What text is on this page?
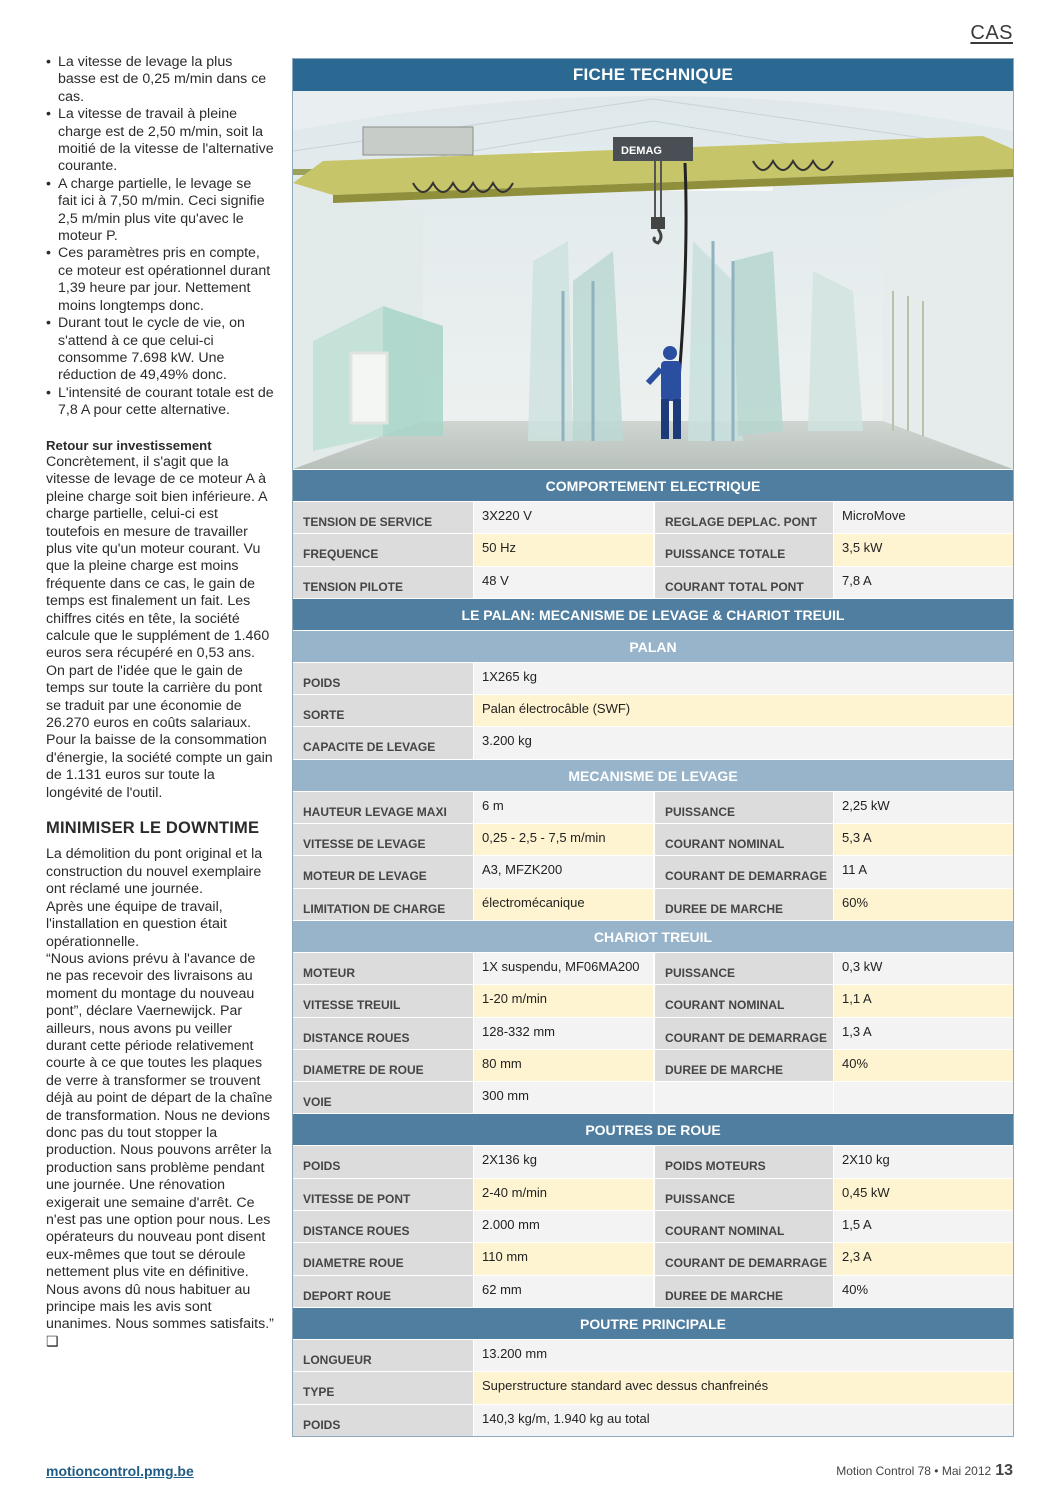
CAS
• La vitesse de levage la plus basse est de 0,25 m/min dans ce cas.
• La vitesse de travail à pleine charge est de 2,50 m/min, soit la moitié de la vitesse de l'alternative courante.
• A charge partielle, le levage se fait ici à 7,50 m/min. Ceci signifie 2,5 m/min plus vite qu'avec le moteur P.
• Ces paramètres pris en compte, ce moteur est opérationnel durant 1,39 heure par jour. Nettement moins longtemps donc.
• Durant tout le cycle de vie, on s'attend à ce que celui-ci consomme 7.698 kW. Une réduction de 49,49% donc.
• L'intensité de courant totale est de 7,8 A pour cette alternative.
Retour sur investissement
Concrètement, il s'agit que la vitesse de levage de ce moteur A à pleine charge soit bien inférieure. A charge partielle, celui-ci est toutefois en mesure de travailler plus vite qu'un moteur courant. Vu que la pleine charge est moins fréquente dans ce cas, le gain de temps est finalement un fait. Les chiffres cités en tête, la société calcule que le supplément de 1.460 euros sera récupéré en 0,53 ans. On part de l'idée que le gain de temps sur toute la carrière du pont se traduit par une économie de 26.270 euros en coûts salariaux. Pour la baisse de la consommation d'énergie, la société compte un gain de 1.131 euros sur toute la longévité de l'outil.
MINIMISER LE DOWNTIME
La démolition du pont original et la construction du nouvel exemplaire ont réclamé une journée.
Après une équipe de travail, l'installation en question était opérationnelle.
“Nous avions prévu à l'avance de ne pas recevoir des livraisons au moment du montage du nouveau pont”, déclare Vaernewijck. Par ailleurs, nous avons pu veiller durant cette période relativement courte à ce que toutes les plaques de verre à transformer se trouvent déjà au point de départ de la chaîne de transformation. Nous ne devions donc pas du tout stopper la production. Nous pouvons arrêter la production sans problème pendant une journée. Une rénovation exigerait une semaine d'arrêt. Ce n'est pas une option pour nous. Les opérateurs du nouveau pont disent eux-mêmes que tout se déroule nettement plus vite en définitive. Nous avons dû nous habituer au principe mais les avis sont unanimes. Nous sommes satisfaits.” ❑
FICHE TECHNIQUE
DEMAG
COMPORTEMENT ELECTRIQUE
TENSION DE SERVICE	3X220 V	REGLAGE DEPLAC. PONT	MicroMove
FREQUENCE	50 Hz	PUISSANCE TOTALE	3,5 kW
TENSION PILOTE	48 V	COURANT TOTAL PONT	7,8 A
LE PALAN: MECANISME DE LEVAGE & CHARIOT TREUIL
PALAN
POIDS	1X265 kg
SORTE	Palan électrocâble (SWF)
CAPACITE DE LEVAGE	3.200 kg
MECANISME DE LEVAGE
HAUTEUR LEVAGE MAXI	6 m	PUISSANCE	2,25 kW
VITESSE DE LEVAGE	0,25 - 2,5 - 7,5 m/min	COURANT NOMINAL	5,3 A
MOTEUR DE LEVAGE	A3, MFZK200	COURANT DE DEMARRAGE	11 A
LIMITATION DE CHARGE	électromécanique	DUREE DE MARCHE	60%
CHARIOT TREUIL
MOTEUR	1X suspendu, MF06MA200	PUISSANCE	0,3 kW
VITESSE TREUIL	1-20 m/min	COURANT NOMINAL	1,1 A
DISTANCE ROUES	128-332 mm	COURANT DE DEMARRAGE	1,3 A
DIAMETRE DE ROUE	80 mm	DUREE DE MARCHE	40%
VOIE	300 mm
POUTRES DE ROUE
POIDS	2X136 kg	POIDS MOTEURS	2X10 kg
VITESSE DE PONT	2-40 m/min	PUISSANCE	0,45 kW
DISTANCE ROUES	2.000 mm	COURANT NOMINAL	1,5 A
DIAMETRE ROUE	110 mm	COURANT DE DEMARRAGE	2,3 A
DEPORT ROUE	62 mm	DUREE DE MARCHE	40%
POUTRE PRINCIPALE
LONGUEUR	13.200 mm
TYPE	Superstructure standard avec dessus chanfreinés
POIDS	140,3 kg/m, 1.940 kg au total
motioncontrol.pmg.be	Motion Control 78 • Mai 2012 13
